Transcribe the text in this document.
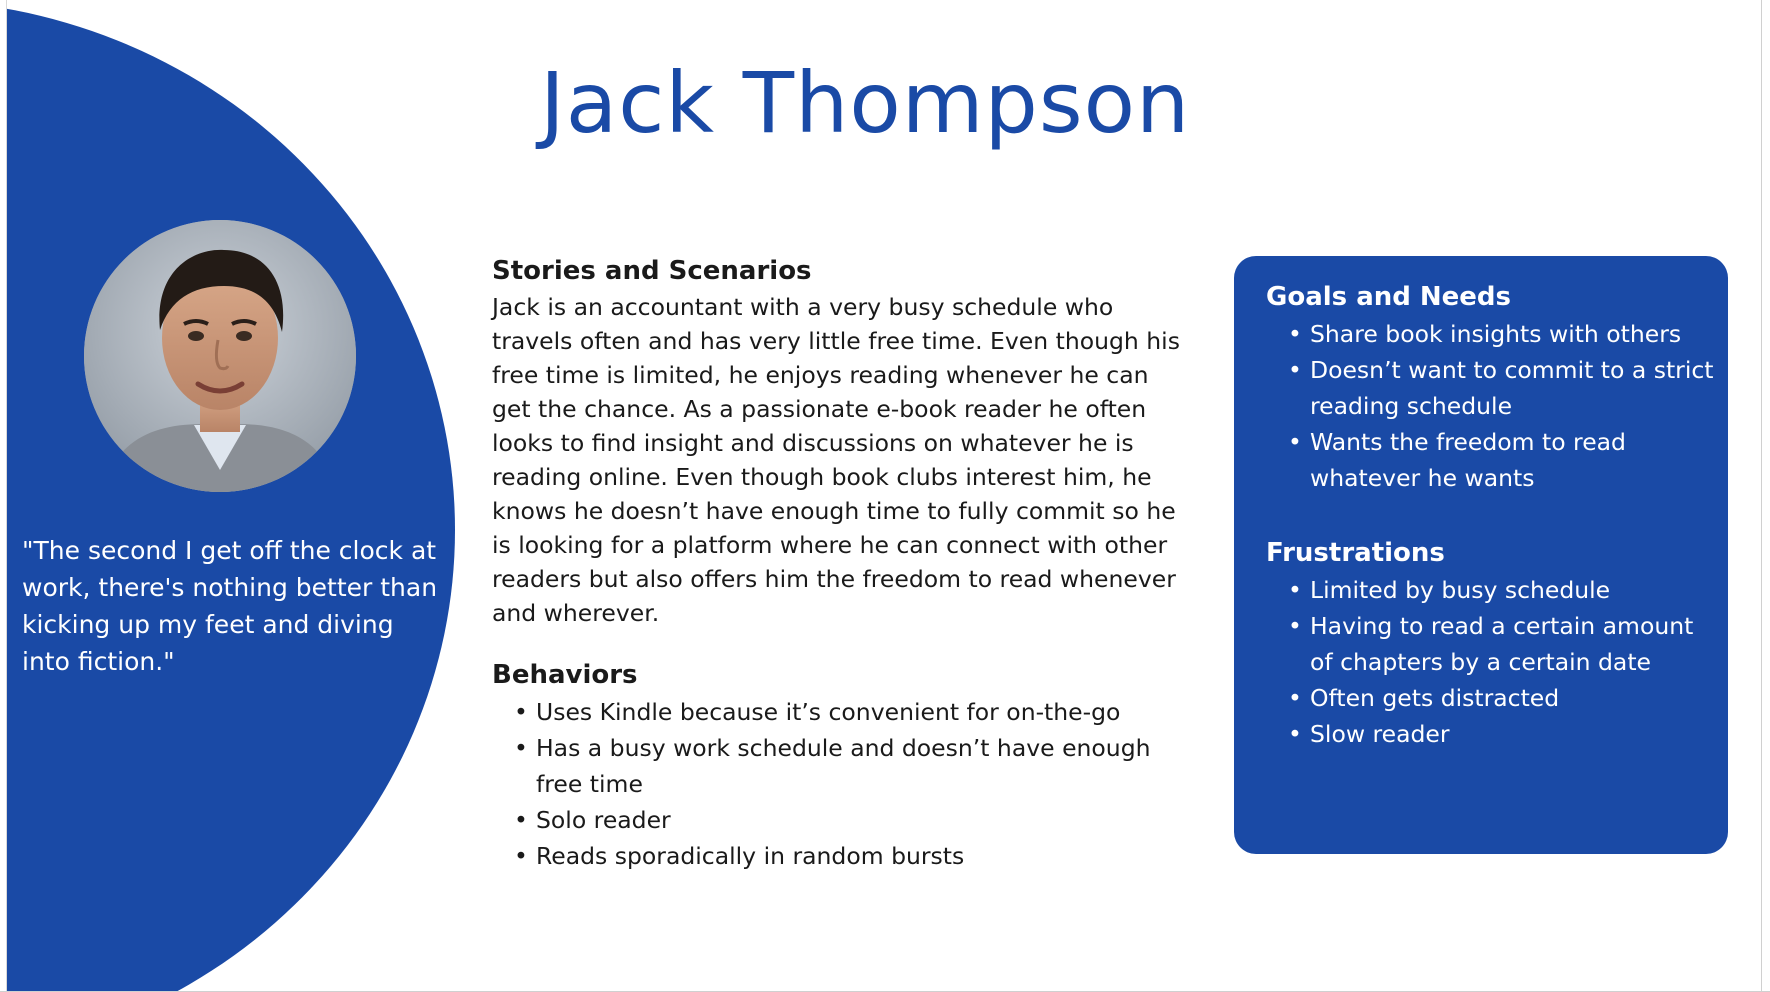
"The second I get off the clock at work, there's nothing better than kicking up my feet and diving into fiction."
Jack Thompson
Stories and Scenarios

Jack is an accountant with a very busy schedule who travels often and has very little free time. Even though his free time is limited, he enjoys reading whenever he can get the chance. As a passionate e-book reader he often looks to find insight and discussions on whatever he is reading online. Even though book clubs interest him, he knows he doesn’t have enough time to fully commit so he is looking for a platform where he can connect with other readers but also offers him the freedom to read whenever and wherever.

Behaviors
• Uses Kindle because it’s convenient for on-the-go
• Has a busy work schedule and doesn’t have enough free time
• Solo reader
• Reads sporadically in random bursts
Goals and Needs
• Share book insights with others
• Doesn’t want to commit to a strict reading schedule
• Wants the freedom to read whatever he wants
Frustrations
• Limited by busy schedule
• Having to read a certain amount of chapters by a certain date
• Often gets distracted
• Slow reader
